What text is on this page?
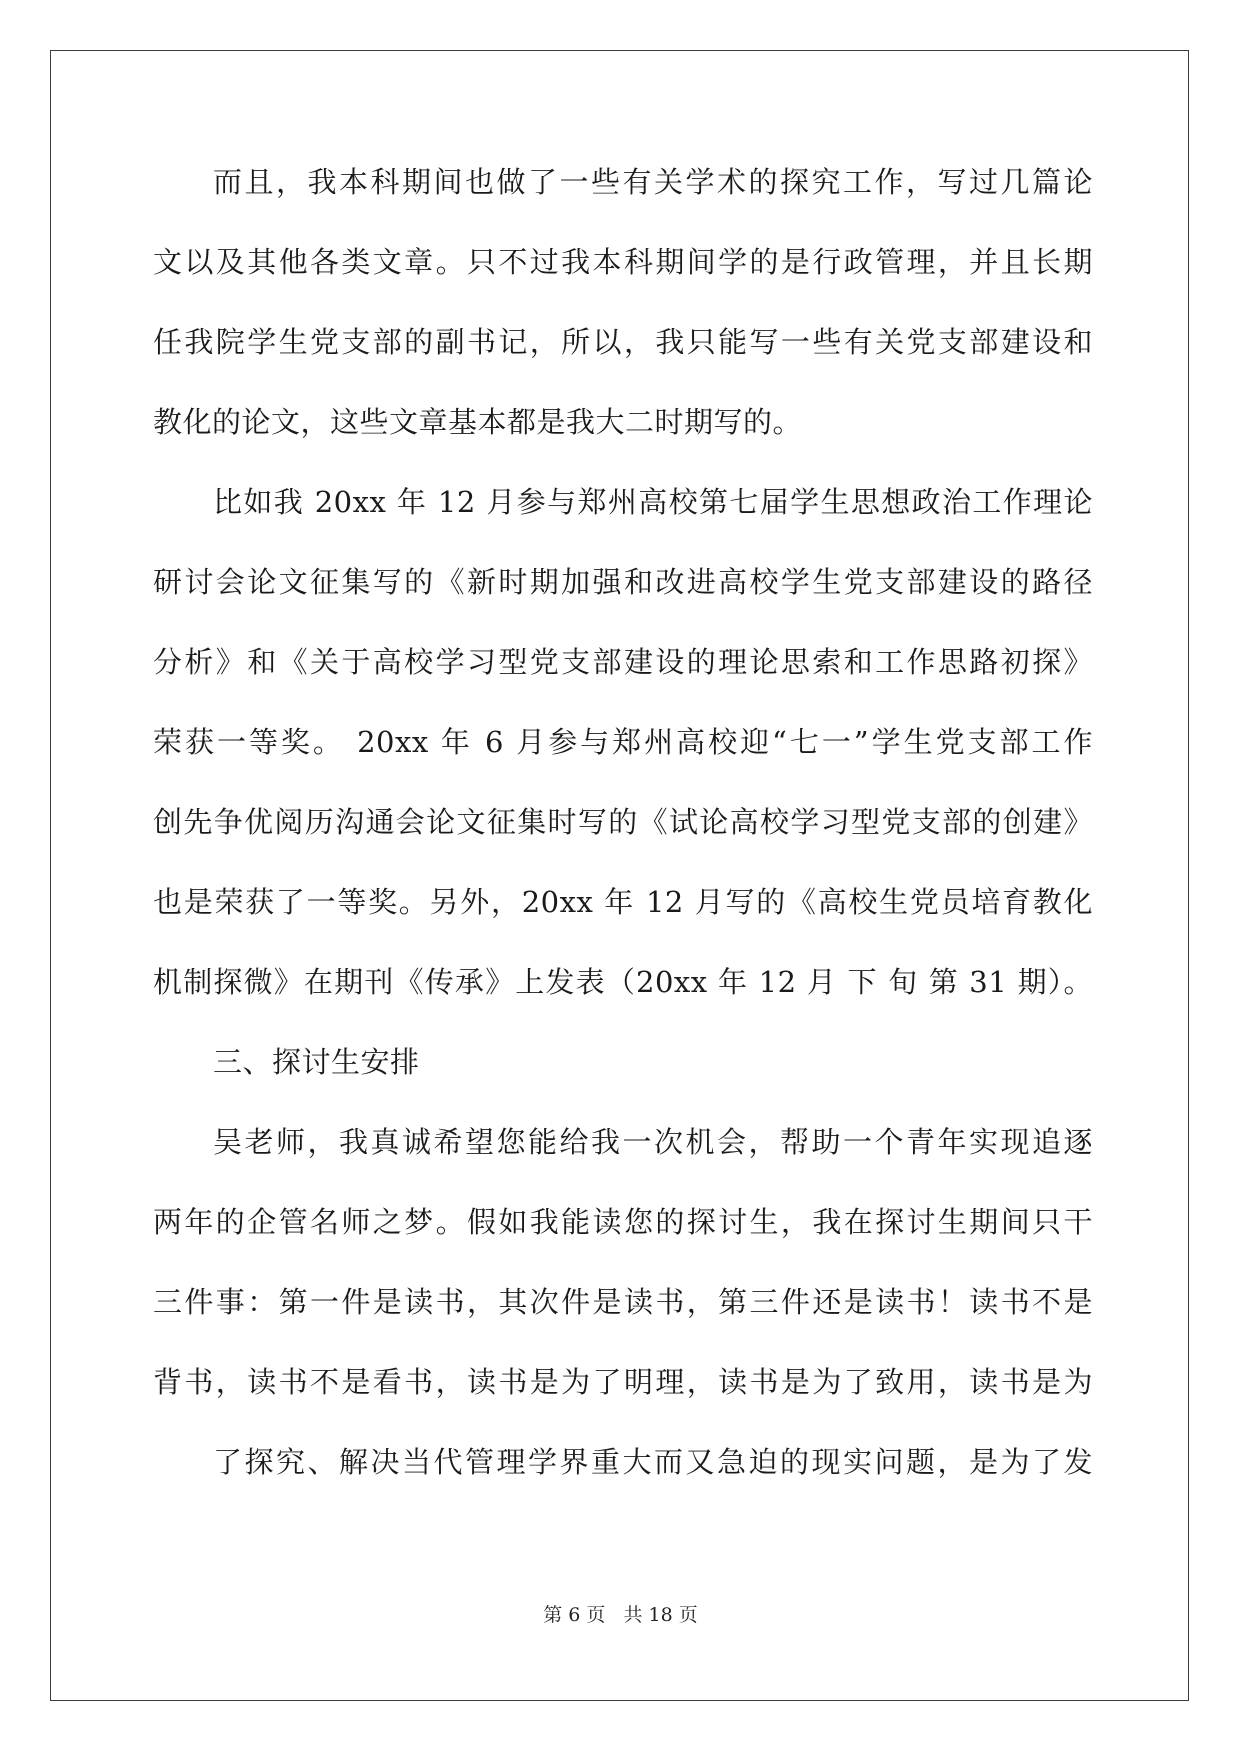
而且，我本科期间也做了一些有关学术的探究工作，写过几篇论
文以及其他各类文章。只不过我本科期间学的是行政管理，并且长期
任我院学生党支部的副书记，所以，我只能写一些有关党支部建设和
教化的论文，这些文章基本都是我大二时期写的。
比如我 20xx 年 12 月参与郑州高校第七届学生思想政治工作理论
研讨会论文征集写的《新时期加强和改进高校学生党支部建设的路径
分析》和《关于高校学习型党支部建设的理论思索和工作思路初探》
荣获一等奖。 20xx 年 6 月参与郑州高校迎“七一”学生党支部工作
创先争优阅历沟通会论文征集时写的《试论高校学习型党支部的创建》
也是荣获了一等奖。另外，20xx 年 12 月写的《高校生党员培育教化
机制探微》在期刊《传承》上发表（20xx 年 12 月 下 旬 第 31 期）。
三、探讨生安排
吴老师，我真诚希望您能给我一次机会，帮助一个青年实现追逐
两年的企管名师之梦。假如我能读您的探讨生，我在探讨生期间只干
三件事：第一件是读书，其次件是读书，第三件还是读书！读书不是
背书，读书不是看书，读书是为了明理，读书是为了致用，读书是为
了探究、解决当代管理学界重大而又急迫的现实问题，是为了发
第 6 页 共 18 页
